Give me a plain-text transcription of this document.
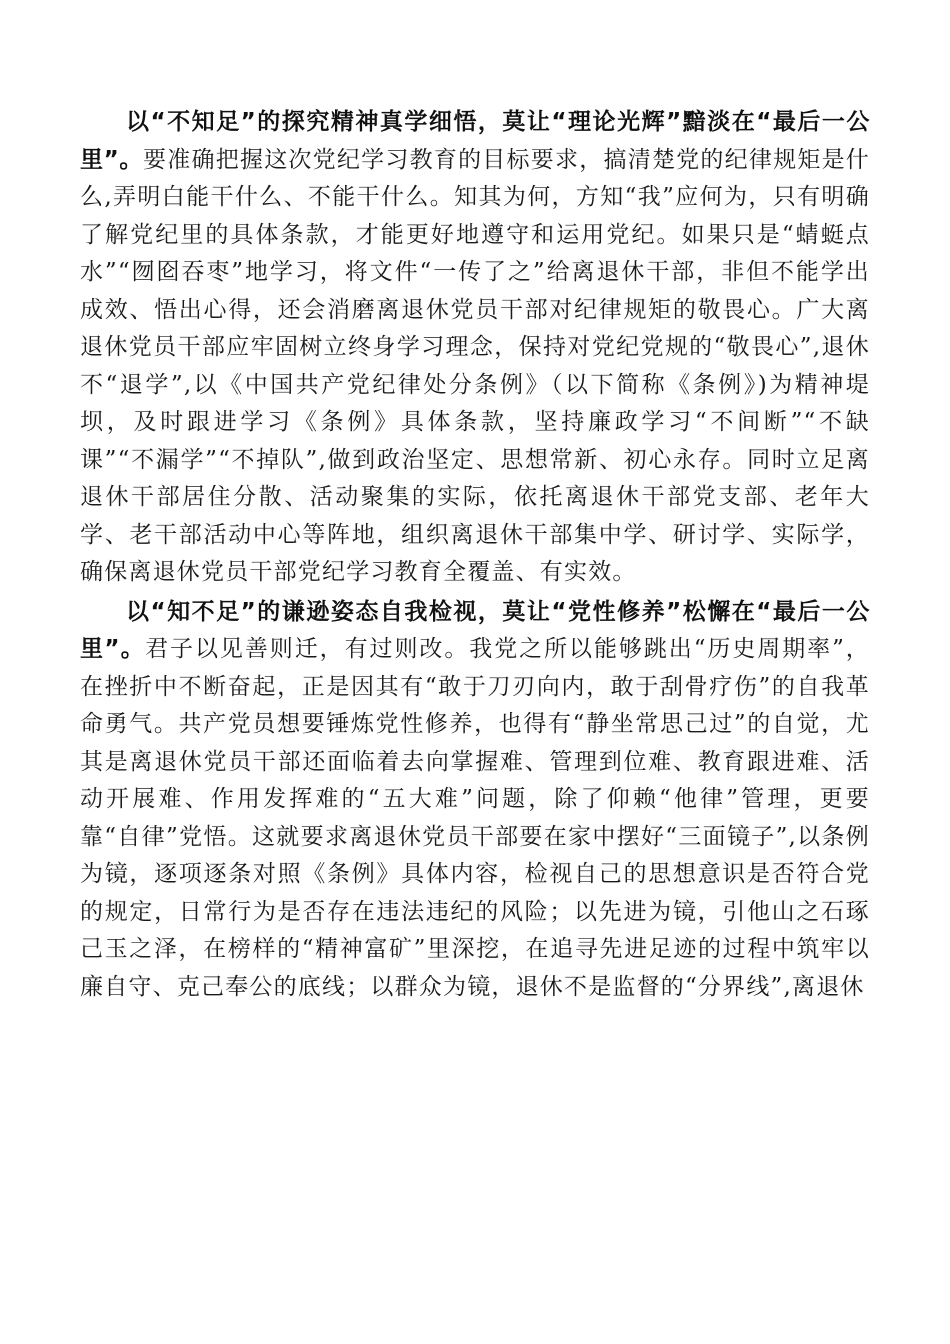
以“不知足”的探究精神真学细悟，莫让“理论光辉”黯淡在“最后一公里”。要准确把握这次党纪学习教育的目标要求，搞清楚党的纪律规矩是什么,弄明白能干什么、不能干什么。知其为何，方知“我”应何为，只有明确了解党纪里的具体条款，才能更好地遵守和运用党纪。如果只是“蜻蜓点水”“囫囵吞枣”地学习，将文件“一传了之”给离退休干部，非但不能学出成效、悟出心得，还会消磨离退休党员干部对纪律规矩的敬畏心。广大离退休党员干部应牢固树立终身学习理念，保持对党纪党规的“敬畏心”,退休不“退学”,以《中国共产党纪律处分条例》（以下简称《条例》)为精神堤坝，及时跟进学习《条例》具体条款，坚持廉政学习“不间断”“不缺课”“不漏学”“不掉队”,做到政治坚定、思想常新、初心永存。同时立足离退休干部居住分散、活动聚集的实际，依托离退休干部党支部、老年大学、老干部活动中心等阵地，组织离退休干部集中学、研讨学、实际学，确保离退休党员干部党纪学习教育全覆盖、有实效。

以“知不足”的谦逊姿态自我检视，莫让“党性修养”松懈在“最后一公里”。君子以见善则迁，有过则改。我党之所以能够跳出“历史周期率”，在挫折中不断奋起，正是因其有“敢于刀刃向内，敢于刮骨疗伤”的自我革命勇气。共产党员想要锤炼党性修养，也得有“静坐常思己过”的自觉，尤其是离退休党员干部还面临着去向掌握难、管理到位难、教育跟进难、活动开展难、作用发挥难的“五大难”问题，除了仰赖“他律”管理，更要靠“自律”党悟。这就要求离退休党员干部要在家中摆好“三面镜子”,以条例为镜，逐项逐条对照《条例》具体内容，检视自己的思想意识是否符合党的规定，日常行为是否存在违法违纪的风险；以先进为镜，引他山之石琢己玉之泽，在榜样的“精神富矿”里深挖，在追寻先进足迹的过程中筑牢以廉自守、克己奉公的底线；以群众为镜，退休不是监督的“分界线”,离退休
